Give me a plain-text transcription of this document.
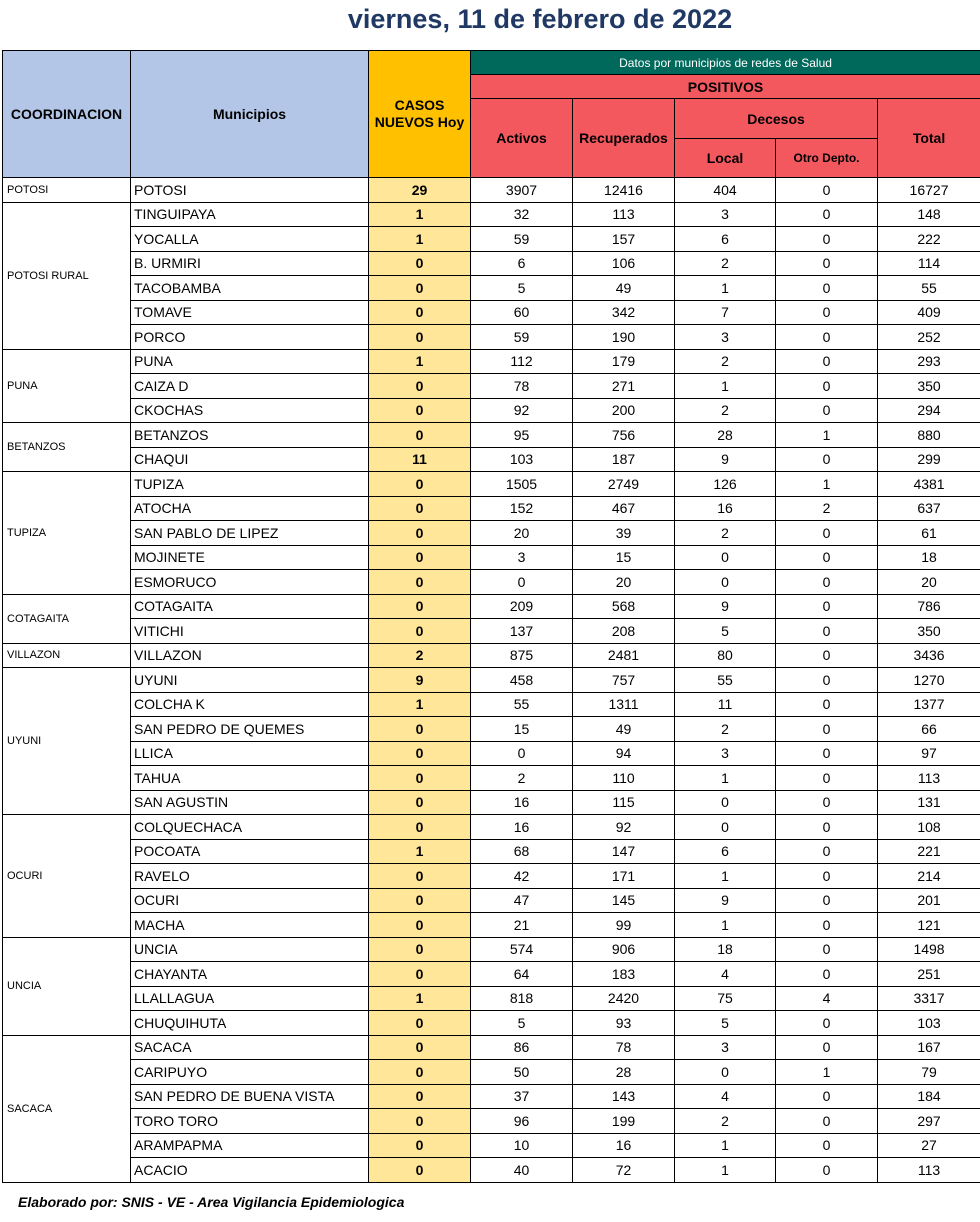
viernes, 11 de febrero de 2022
COORDINACION	Municipios	CASOS NUEVOS Hoy	Datos por municipios de redes de Salud				
			POSITIVOS				
			Activos	Recuperados	Decesos		Total
					Local	Otro Depto.	
POTOSI	POTOSI	29	3907	12416	404	0	16727
POTOSI RURAL	TINGUIPAYA	1	32	113	3	0	148
	YOCALLA	1	59	157	6	0	222
	B. URMIRI	0	6	106	2	0	114
	TACOBAMBA	0	5	49	1	0	55
	TOMAVE	0	60	342	7	0	409
	PORCO	0	59	190	3	0	252
PUNA	PUNA	1	112	179	2	0	293
	CAIZA D	0	78	271	1	0	350
	CKOCHAS	0	92	200	2	0	294
BETANZOS	BETANZOS	0	95	756	28	1	880
	CHAQUI	11	103	187	9	0	299
TUPIZA	TUPIZA	0	1505	2749	126	1	4381
	ATOCHA	0	152	467	16	2	637
	SAN PABLO DE LIPEZ	0	20	39	2	0	61
	MOJINETE	0	3	15	0	0	18
	ESMORUCO	0	0	20	0	0	20
COTAGAITA	COTAGAITA	0	209	568	9	0	786
	VITICHI	0	137	208	5	0	350
VILLAZON	VILLAZON	2	875	2481	80	0	3436
UYUNI	UYUNI	9	458	757	55	0	1270
	COLCHA K	1	55	1311	11	0	1377
	SAN PEDRO DE QUEMES	0	15	49	2	0	66
	LLICA	0	0	94	3	0	97
	TAHUA	0	2	110	1	0	113
	SAN AGUSTIN	0	16	115	0	0	131
OCURI	COLQUECHACA	0	16	92	0	0	108
	POCOATA	1	68	147	6	0	221
	RAVELO	0	42	171	1	0	214
	OCURI	0	47	145	9	0	201
	MACHA	0	21	99	1	0	121
UNCIA	UNCIA	0	574	906	18	0	1498
	CHAYANTA	0	64	183	4	0	251
	LLALLAGUA	1	818	2420	75	4	3317
	CHUQUIHUTA	0	5	93	5	0	103
SACACA	SACACA	0	86	78	3	0	167
	CARIPUYO	0	50	28	0	1	79
	SAN PEDRO DE BUENA VISTA	0	37	143	4	0	184
	TORO TORO	0	96	199	2	0	297
	ARAMPAPMA	0	10	16	1	0	27
	ACACIO	0	40	72	1	0	113
Elaborado por: SNIS - VE - Area Vigilancia Epidemiologica
